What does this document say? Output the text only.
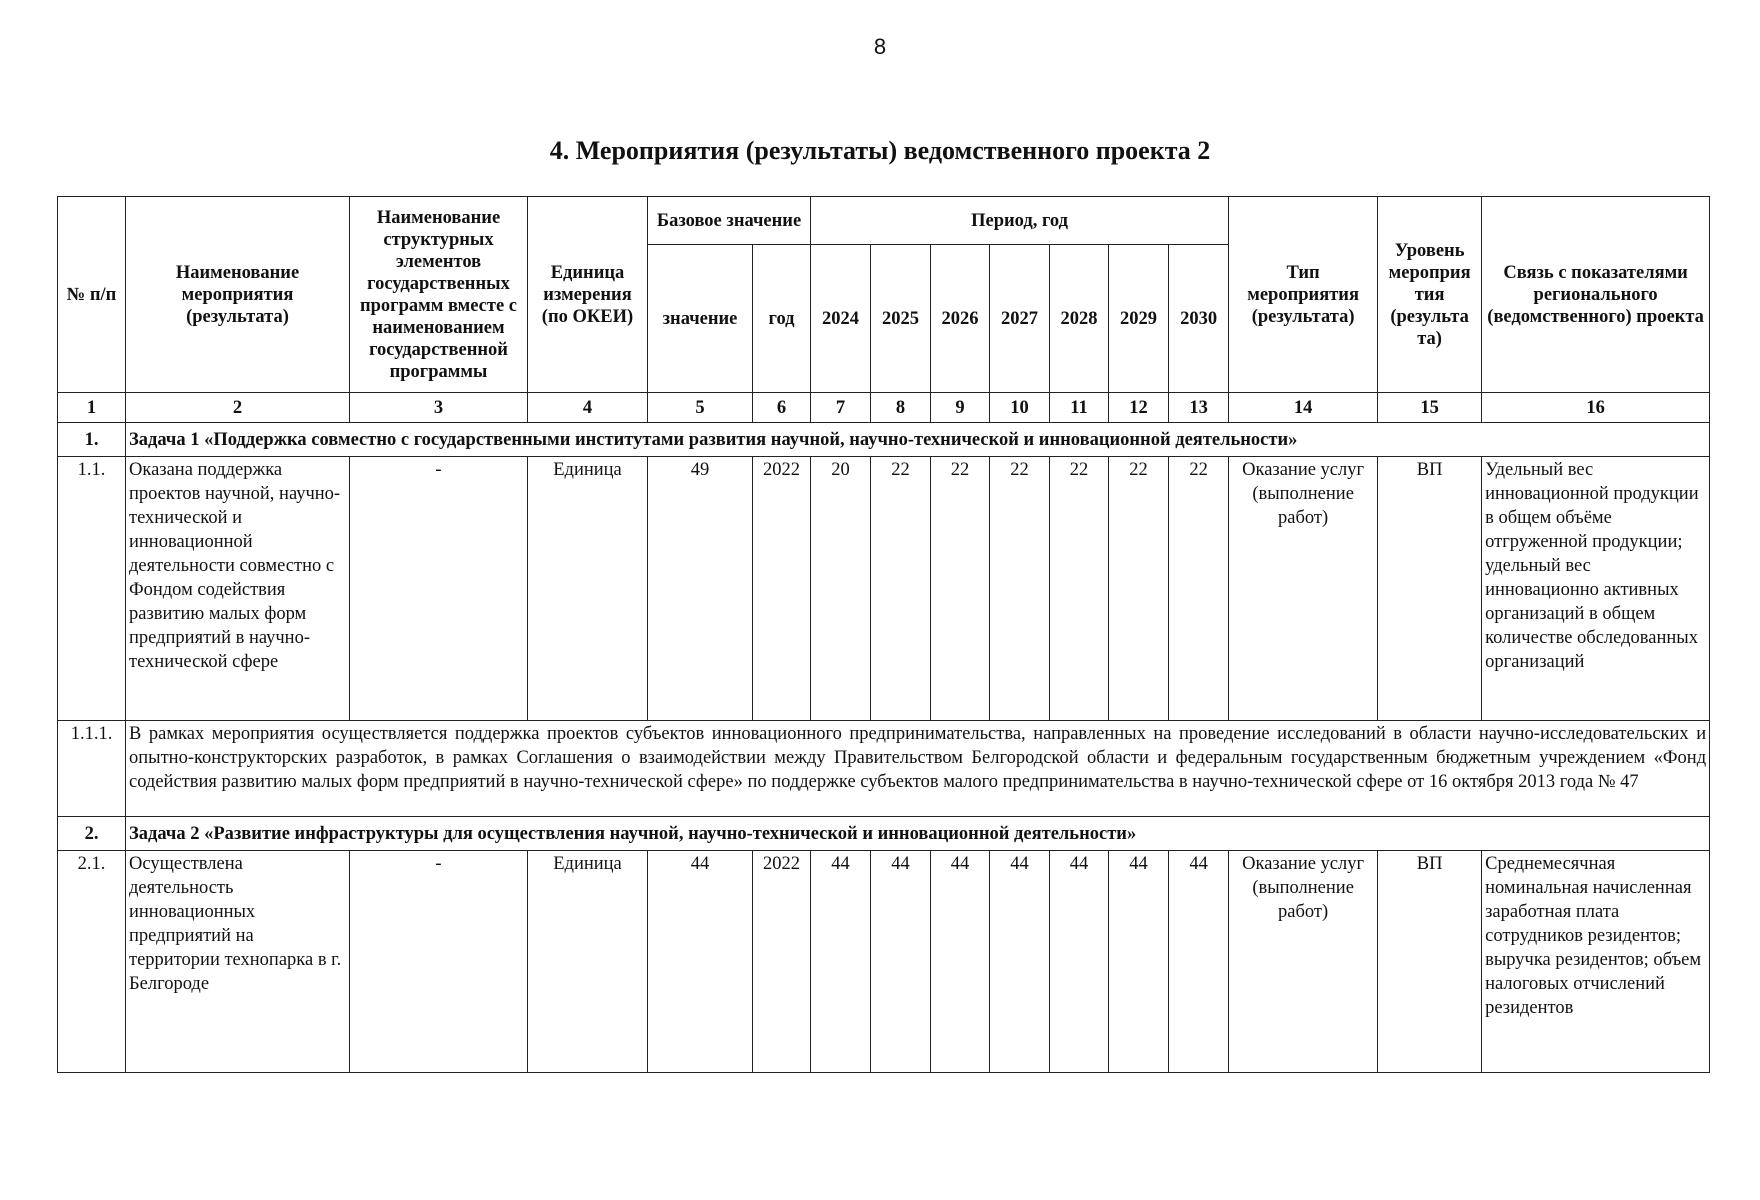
8
4. Мероприятия (результаты) ведомственного проекта 2
№ п/п	Наименование мероприятия (результата)	Наименование структурных элементов государственных программ вместе с наименованием государственной программы	Единица измерения (по ОКЕИ)	Базовое значение		Период, год							Тип мероприятия (результата)	Уровень мероприя тия (результа та)	Связь с показателями регионального (ведомственного) проекта
				значение	год	2024	2025	2026	2027	2028	2029	2030			
1	2	3	4	5	6	7	8	9	10	11	12	13	14	15	16
1.	Задача 1 «Поддержка совместно с государственными институтами развития научной, научно-технической и инновационной деятельности»														
1.1.	Оказана поддержка проектов научной, научно-технической и инновационной деятельности совместно с Фондом содействия развитию малых форм предприятий в научно-технической сфере	-	Единица	49	2022	20	22	22	22	22	22	22	Оказание услуг (выполнение работ)	ВП	Удельный вес инновационной продукции в общем объёме отгруженной продукции; удельный вес инновационно активных организаций в общем количестве обследованных организаций
1.1.1.	В рамках мероприятия осуществляется поддержка проектов субъектов инновационного предпринимательства, направленных на проведение исследований в области научно-исследовательских и опытно-конструкторских разработок, в рамках Соглашения о взаимодействии между Правительством Белгородской области и федеральным государственным бюджетным учреждением «Фонд содействия развитию малых форм предприятий в научно-технической сфере» по поддержке субъектов малого предпринимательства в научно-технической сфере от 16 октября 2013 года № 47														
2.	Задача 2 «Развитие инфраструктуры для осуществления научной, научно-технической и инновационной деятельности»														
2.1.	Осуществлена деятельность инновационных предприятий на территории технопарка в г. Белгороде	-	Единица	44	2022	44	44	44	44	44	44	44	Оказание услуг (выполнение работ)	ВП	Среднемесячная номинальная начисленная заработная плата сотрудников резидентов; выручка резидентов; объем налоговых отчислений резидентов
